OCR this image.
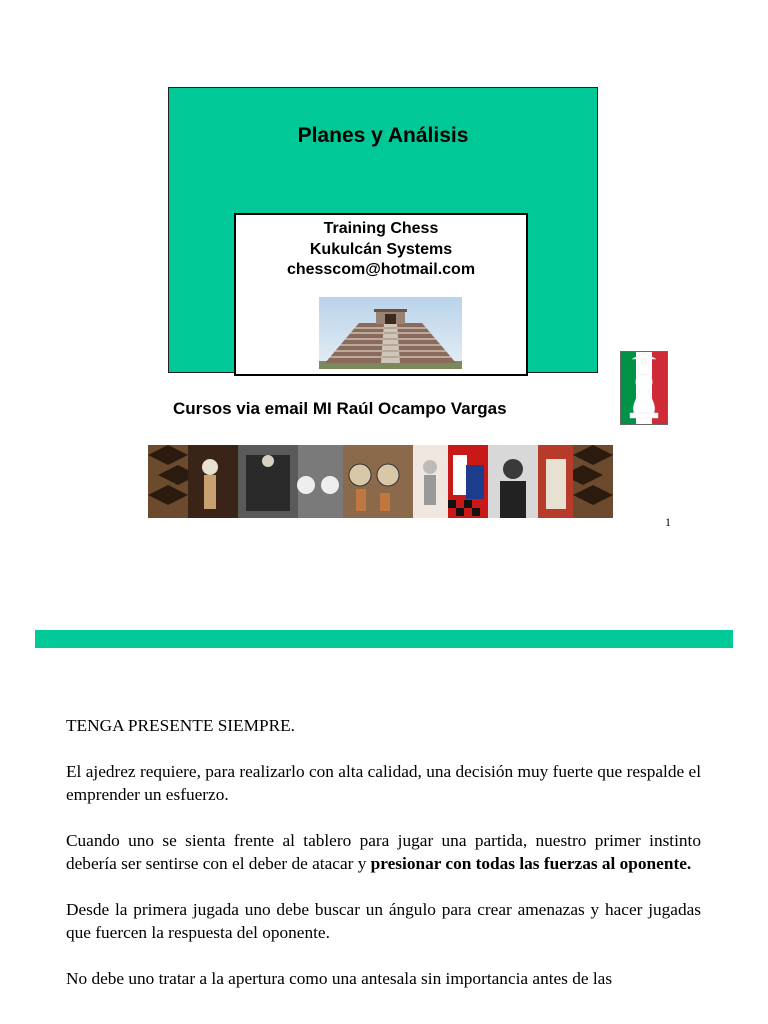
Planes y Análisis
Training Chess
Kukulcán Systems
chesscom@hotmail.com
Cursos via email MI Raúl Ocampo Vargas
1

TENGA PRESENTE SIEMPRE.

El ajedrez requiere, para realizarlo con alta calidad, una decisión muy fuerte que respalde el emprender un esfuerzo.

Cuando uno se sienta frente al tablero para jugar una partida, nuestro primer instinto debería ser sentirse con el deber de atacar y presionar con todas las fuerzas al oponente.

Desde la primera jugada uno debe buscar un ángulo para crear amenazas y hacer jugadas que fuercen la respuesta del oponente.

No debe uno tratar a la apertura como una antesala sin importancia antes de las
